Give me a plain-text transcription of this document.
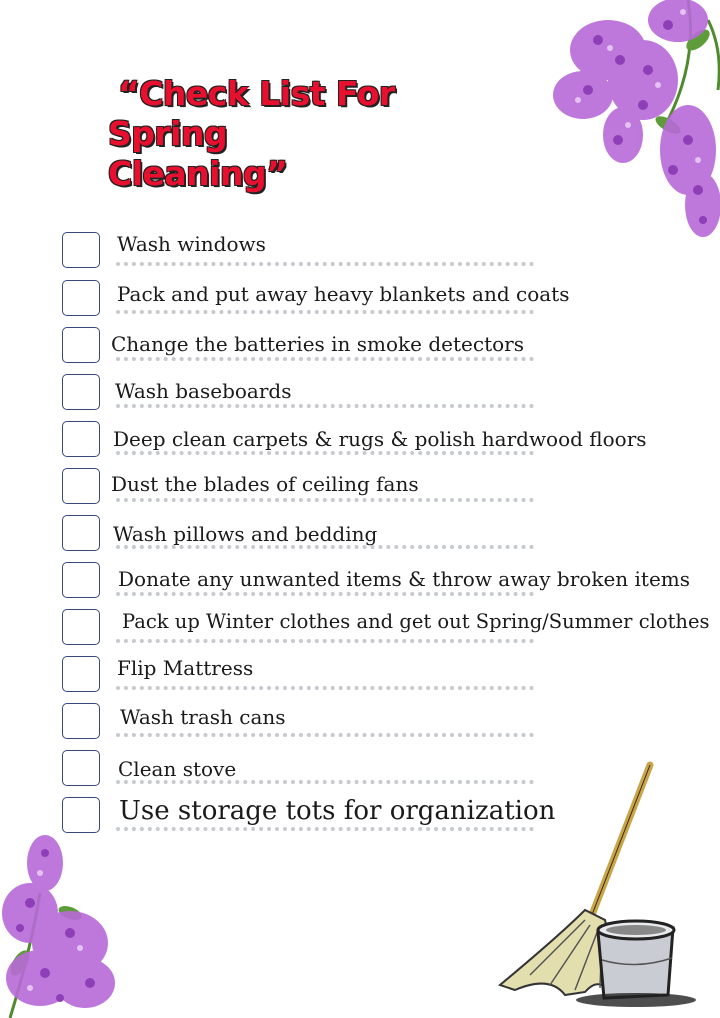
“Check List For
Spring Cleaning”
Wash windows
Pack and put away heavy blankets and coats
Change the batteries in smoke detectors
Wash baseboards
Deep clean carpets & rugs & polish hardwood floors
Dust the blades of ceiling fans
Wash pillows and bedding
Donate any unwanted items & throw away broken items
Pack up Winter clothes and get out Spring/Summer clothes
Flip Mattress
Wash trash cans
Clean stove
Use storage tots for organization
